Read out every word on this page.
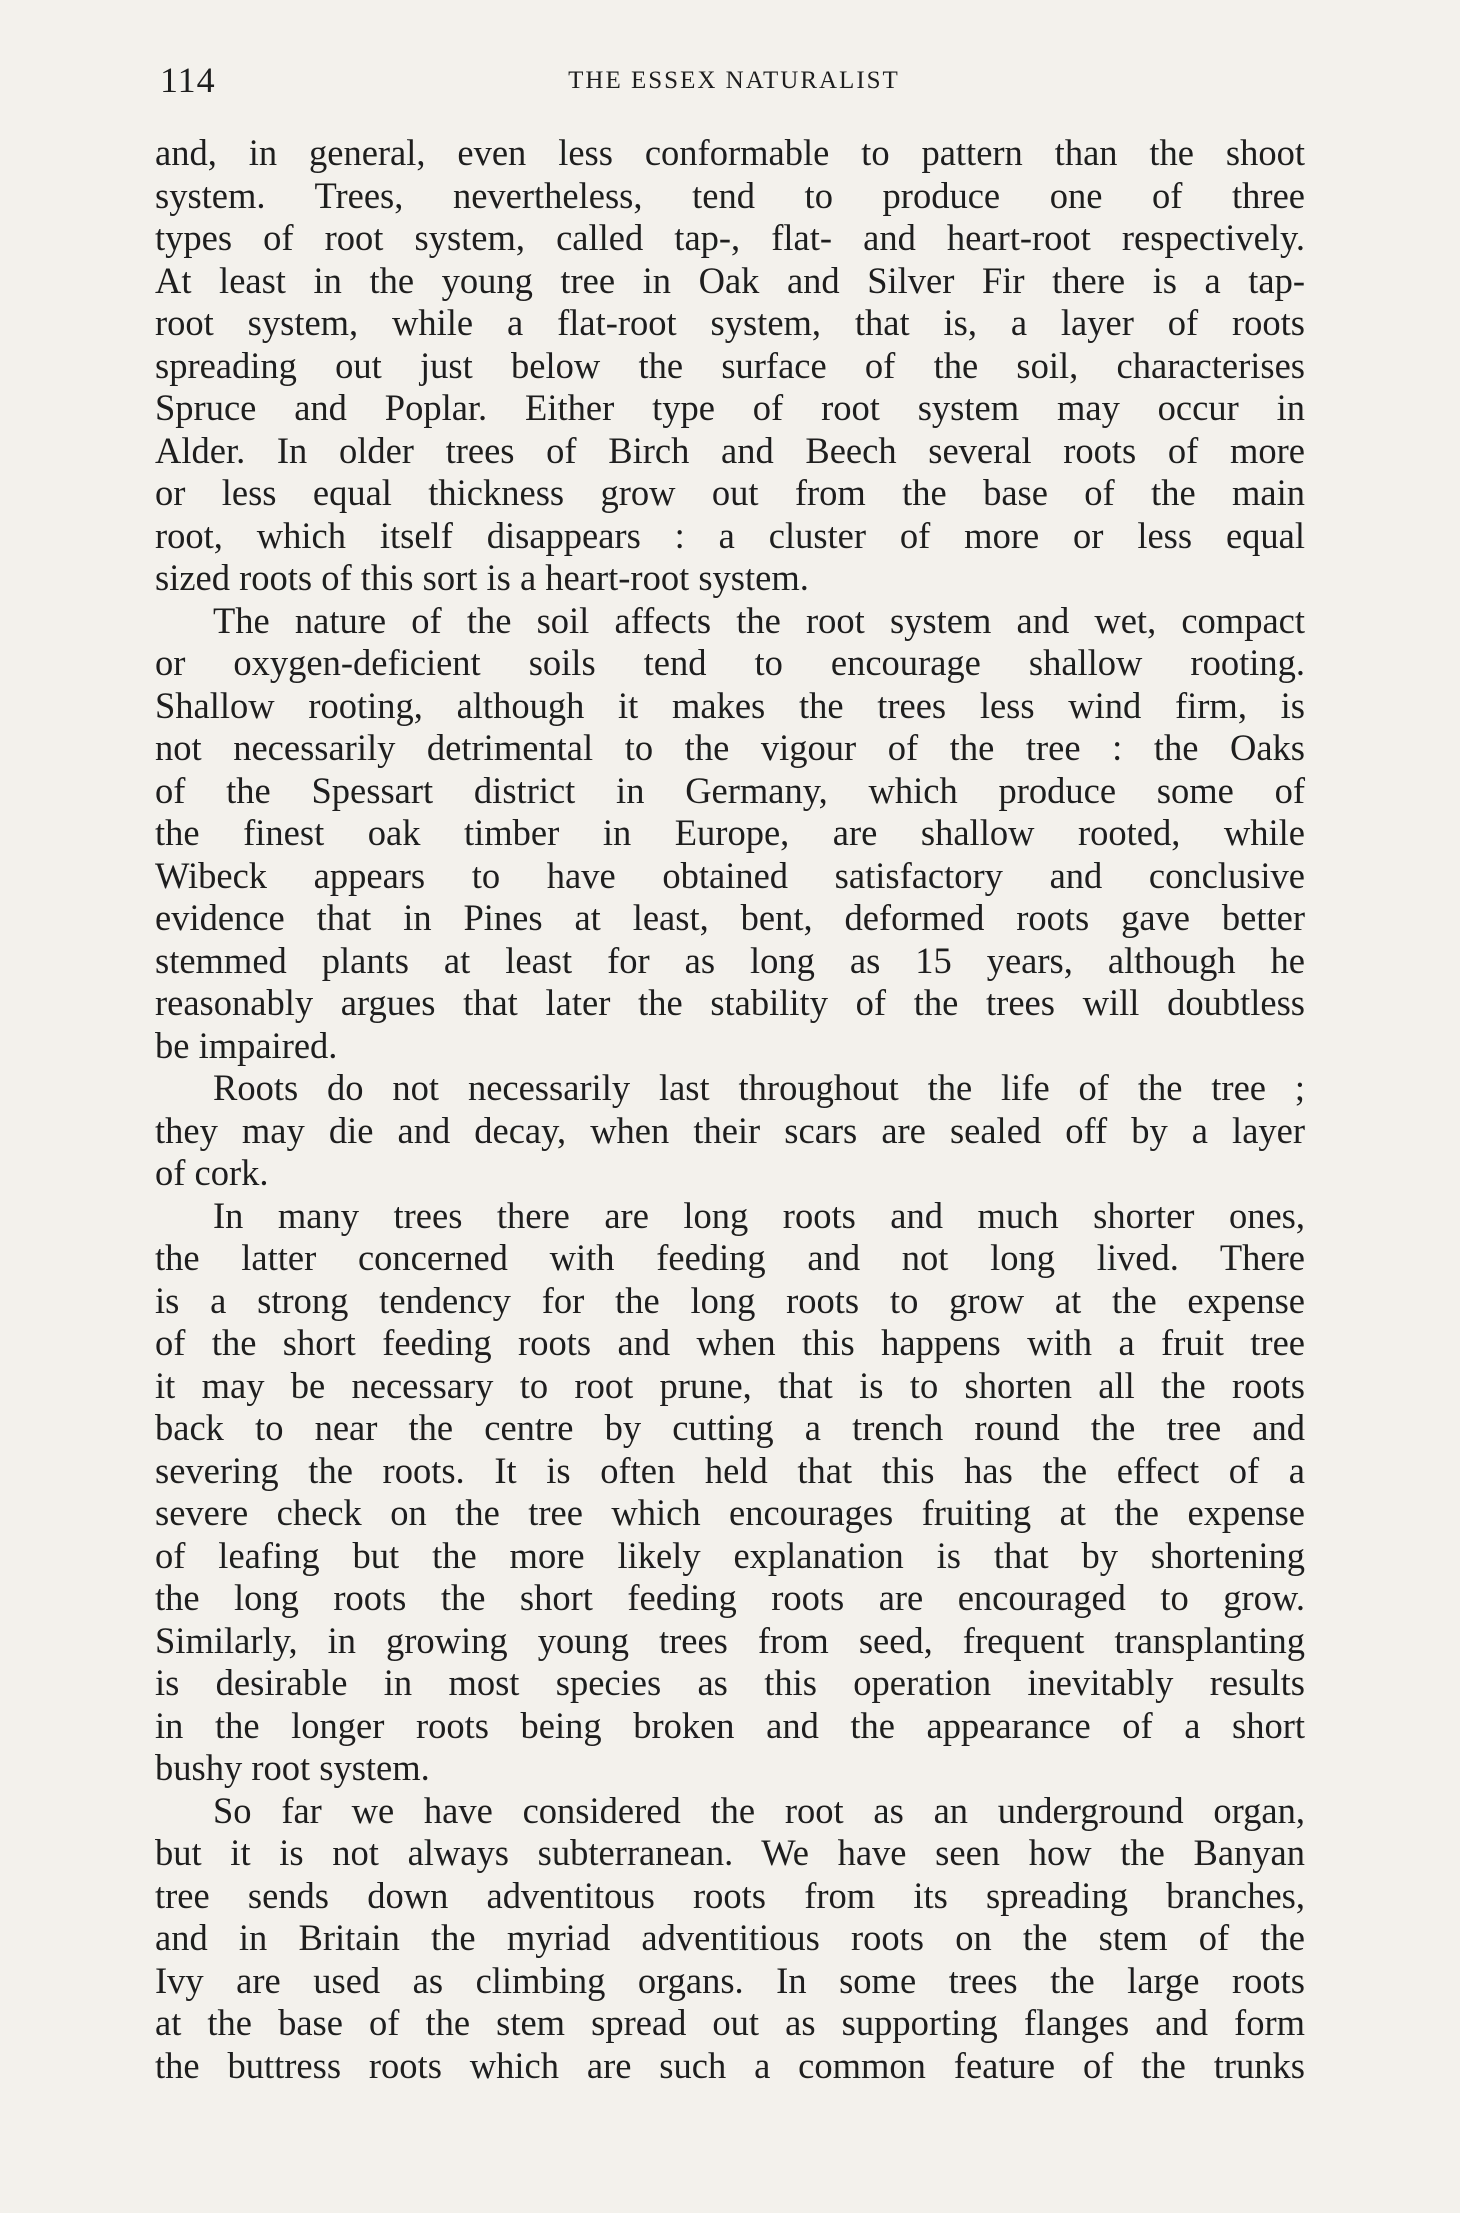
114	THE ESSEX NATURALIST
and, in general, even less conformable to pattern than the shoot
system. Trees, nevertheless, tend to produce one of three
types of root system, called tap-, flat- and heart-root respectively.
At least in the young tree in Oak and Silver Fir there is a tap-
root system, while a flat-root system, that is, a layer of roots
spreading out just below the surface of the soil, characterises
Spruce and Poplar. Either type of root system may occur in
Alder. In older trees of Birch and Beech several roots of more
or less equal thickness grow out from the base of the main
root, which itself disappears : a cluster of more or less equal
sized roots of this sort is a heart-root system.
The nature of the soil affects the root system and wet, compact
or oxygen-deficient soils tend to encourage shallow rooting.
Shallow rooting, although it makes the trees less wind firm, is
not necessarily detrimental to the vigour of the tree : the Oaks
of the Spessart district in Germany, which produce some of
the finest oak timber in Europe, are shallow rooted, while
Wibeck appears to have obtained satisfactory and conclusive
evidence that in Pines at least, bent, deformed roots gave better
stemmed plants at least for as long as 15 years, although he
reasonably argues that later the stability of the trees will doubtless
be impaired.
Roots do not necessarily last throughout the life of the tree ;
they may die and decay, when their scars are sealed off by a layer
of cork.
In many trees there are long roots and much shorter ones,
the latter concerned with feeding and not long lived. There
is a strong tendency for the long roots to grow at the expense
of the short feeding roots and when this happens with a fruit tree
it may be necessary to root prune, that is to shorten all the roots
back to near the centre by cutting a trench round the tree and
severing the roots. It is often held that this has the effect of a
severe check on the tree which encourages fruiting at the expense
of leafing but the more likely explanation is that by shortening
the long roots the short feeding roots are encouraged to grow.
Similarly, in growing young trees from seed, frequent transplanting
is desirable in most species as this operation inevitably results
in the longer roots being broken and the appearance of a short
bushy root system.
So far we have considered the root as an underground organ,
but it is not always subterranean. We have seen how the Banyan
tree sends down adventitous roots from its spreading branches,
and in Britain the myriad adventitious roots on the stem of the
Ivy are used as climbing organs. In some trees the large roots
at the base of the stem spread out as supporting flanges and form
the buttress roots which are such a common feature of the trunks
